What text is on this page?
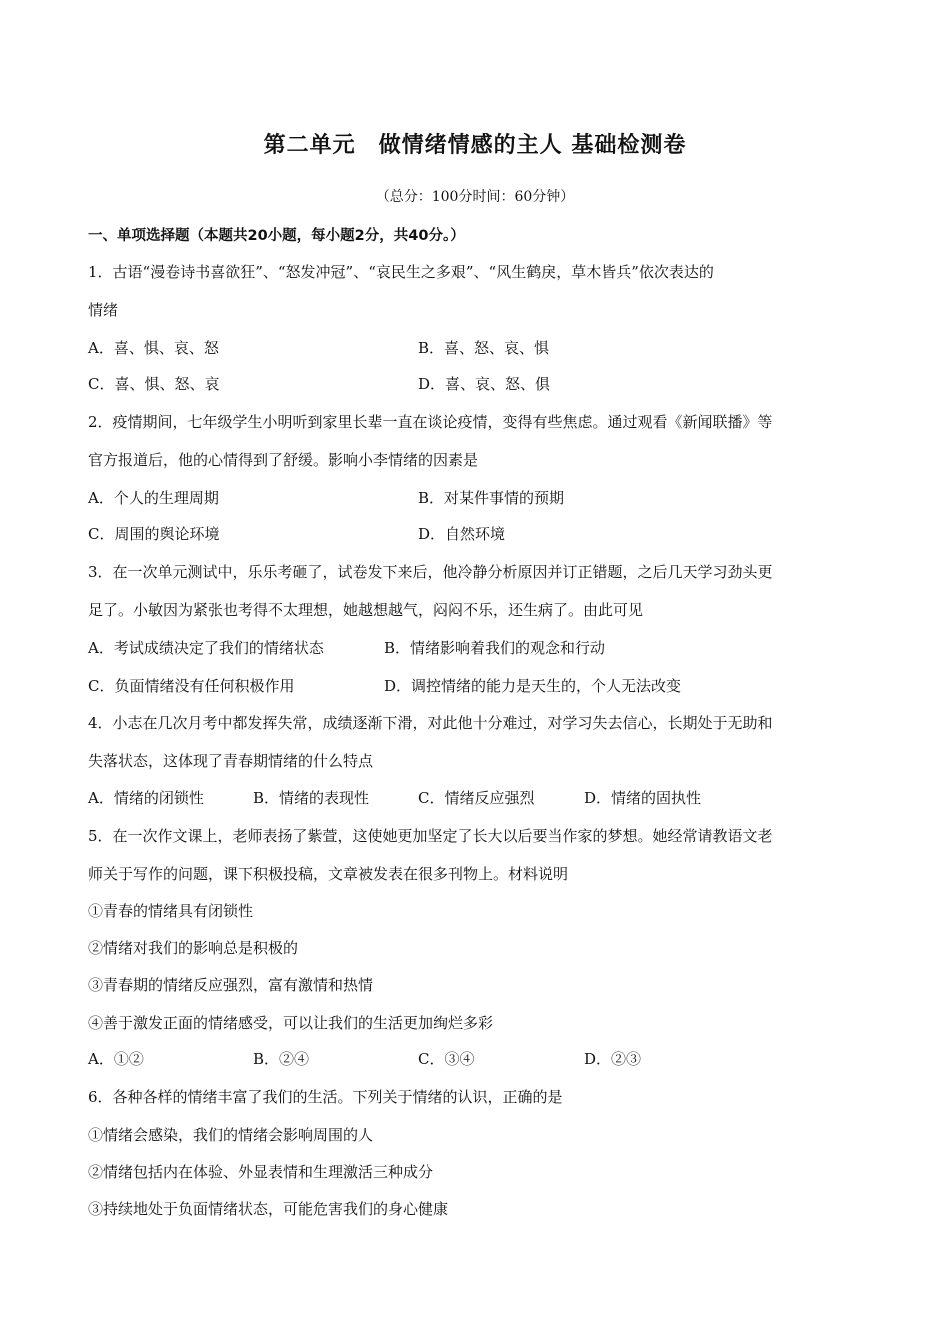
第二单元　做情绪情感的主人 基础检测卷
（总分：100分时间：60分钟）
一、单项选择题（本题共20小题，每小题2分，共40分。）
1．古语“漫卷诗书喜欲狂”、“怒发冲冠”、“哀民生之多艰”、“风生鹤戾，草木皆兵”依次表达的
情绪
A．喜、惧、哀、怒	B．喜、怒、哀、惧
C．喜、惧、怒、哀	D．喜、哀、怒、俱
2．疫情期间，七年级学生小明听到家里长辈一直在谈论疫情，变得有些焦虑。通过观看《新闻联播》等
官方报道后，他的心情得到了舒缓。影响小李情绪的因素是
A．个人的生理周期	B．对某件事情的预期
C．周围的舆论环境	D．自然环境
3．在一次单元测试中，乐乐考砸了，试卷发下来后，他冷静分析原因并订正错题，之后几天学习劲头更
足了。小敏因为紧张也考得不太理想，她越想越气，闷闷不乐，还生病了。由此可见
A．考试成绩决定了我们的情绪状态	B．情绪影响着我们的观念和行动
C．负面情绪没有任何积极作用	D．调控情绪的能力是天生的，个人无法改变
4．小志在几次月考中都发挥失常，成绩逐渐下滑，对此他十分难过，对学习失去信心，长期处于无助和
失落状态，这体现了青春期情绪的什么特点
A．情绪的闭锁性	B．情绪的表现性	C．情绪反应强烈	D．情绪的固执性
5．在一次作文课上，老师表扬了紫萱，这使她更加坚定了长大以后要当作家的梦想。她经常请教语文老
师关于写作的问题，课下积极投稿，文章被发表在很多刊物上。材料说明
①青春的情绪具有闭锁性
②情绪对我们的影响总是积极的
③青春期的情绪反应强烈，富有激情和热情
④善于激发正面的情绪感受，可以让我们的生活更加绚烂多彩
A．①②	B．②④	C．③④	D．②③
6．各种各样的情绪丰富了我们的生活。下列关于情绪的认识，正确的是
①情绪会感染，我们的情绪会影响周围的人
②情绪包括内在体验、外显表情和生理激活三种成分
③持续地处于负面情绪状态，可能危害我们的身心健康
